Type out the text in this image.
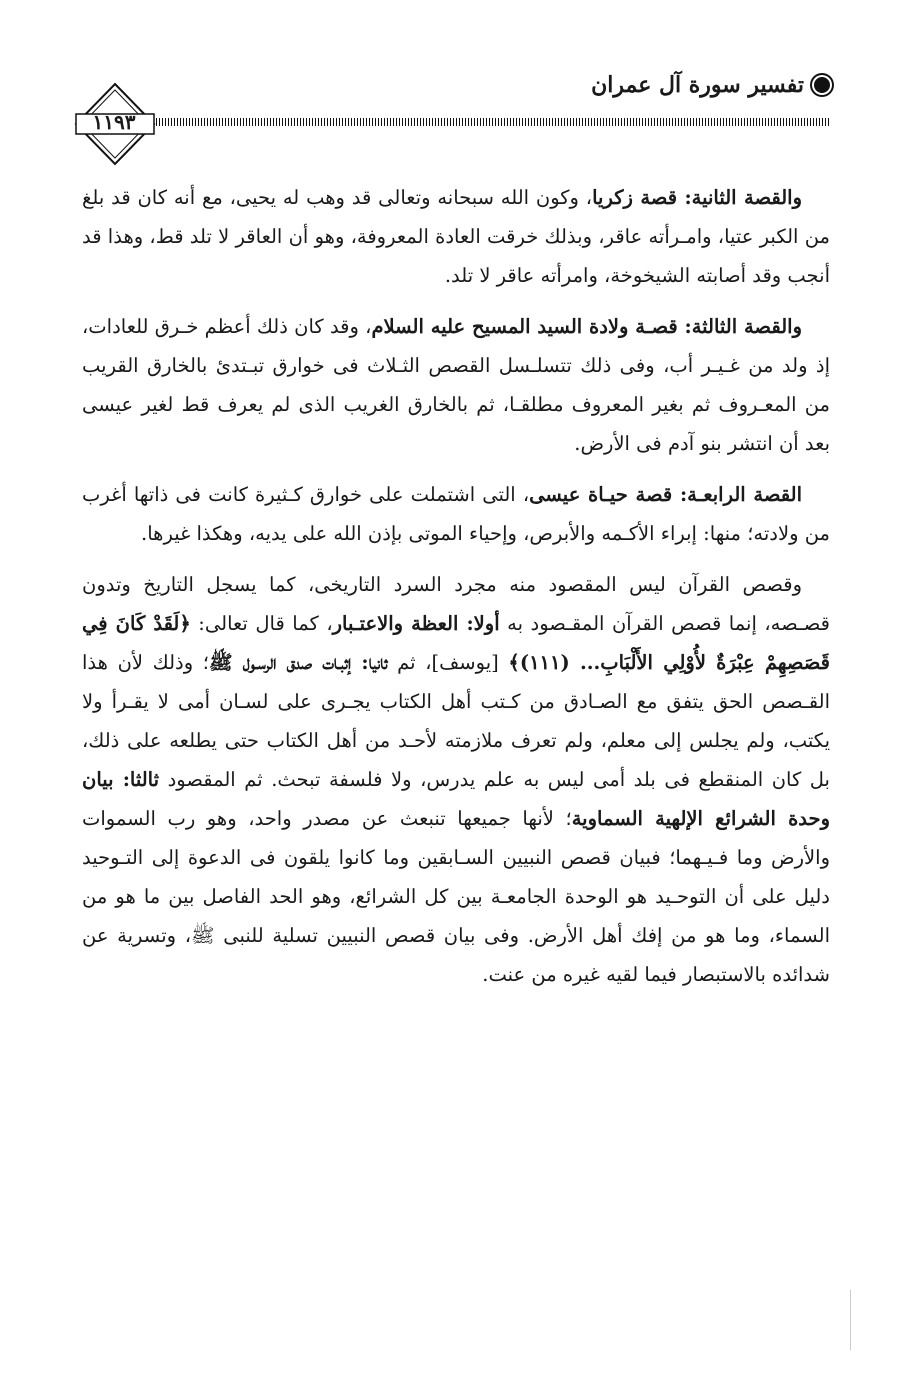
تفسير سورة آل عمران
١١٩٣

والقصة الثانية: قصة زكريا، وكون الله سبحانه وتعالى قد وهب له يحيى، مع أنه كان قد بلغ من الكبر عتيا، وامـرأته عاقر، وبذلك خرقت العادة المعروفة، وهو أن العاقر لا تلد قط، وهذا قد أنجب وقد أصابته الشيخوخة، وامرأته عاقر لا تلد.

والقصة الثالثة: قصـة ولادة السيد المسيح عليه السلام، وقد كان ذلك أعظم خـرق للعادات، إذ ولد من غـيـر أب، وفى ذلك تتسلـسل القصص الثـلاث فى خوارق تبـتدئ بالخارق القريب من المعـروف ثم بغير المعروف مطلقـا، ثم بالخارق الغريب الذى لم يعرف قط لغير عيسى بعد أن انتشر بنو آدم فى الأرض.

القصة الرابعـة: قصة حيـاة عيسى، التى اشتملت على خوارق كـثيرة كانت فى ذاتها أغرب من ولادته؛ منها: إبراء الأكـمه والأبرص، وإحياء الموتى بإذن الله على يديه، وهكذا غيرها.

وقصص القرآن ليس المقصود منه مجرد السرد التاريخى، كما يسجل التاريخ وتدون قصـصه، إنما قصص القرآن المقـصود به أولا: العظة والاعتـبار، كما قال تعالى: ﴿لَقَدْ كَانَ فِي قَصَصِهِمْ عِبْرَةٌ لأُوْلِي الأَلْبَابِ... (١١١)﴾ [يوسف]، ثم ثانيا: إثبـات صدق الرسـول ﷺ؛ وذلك لأن هذا القـصص الحق يتفق مع الصـادق من كـتب أهل الكتاب يجـرى على لسـان أمى لا يقـرأ ولا يكتب، ولم يجلس إلى معلم، ولم تعرف ملازمته لأحـد من أهل الكتاب حتى يطلعه على ذلك، بل كان المنقطع فى بلد أمى ليس به علم يدرس، ولا فلسفة تبحث. ثم المقصود ثالثا: بيان وحدة الشرائع الإلهية السماوية؛ لأنها جميعها تنبعث عن مصدر واحد، وهو رب السموات والأرض وما فـيـهما؛ فبيان قصص النبيين السـابقين وما كانوا يلقون فى الدعوة إلى التـوحيد دليل على أن التوحـيد هو الوحدة الجامعـة بين كل الشرائع، وهو الحد الفاصل بين ما هو من السماء، وما هو من إفك أهل الأرض. وفى بيان قصص النبيين تسلية للنبى ﷺ، وتسرية عن شدائده بالاستبصار فيما لقيه غيره من عنت.
